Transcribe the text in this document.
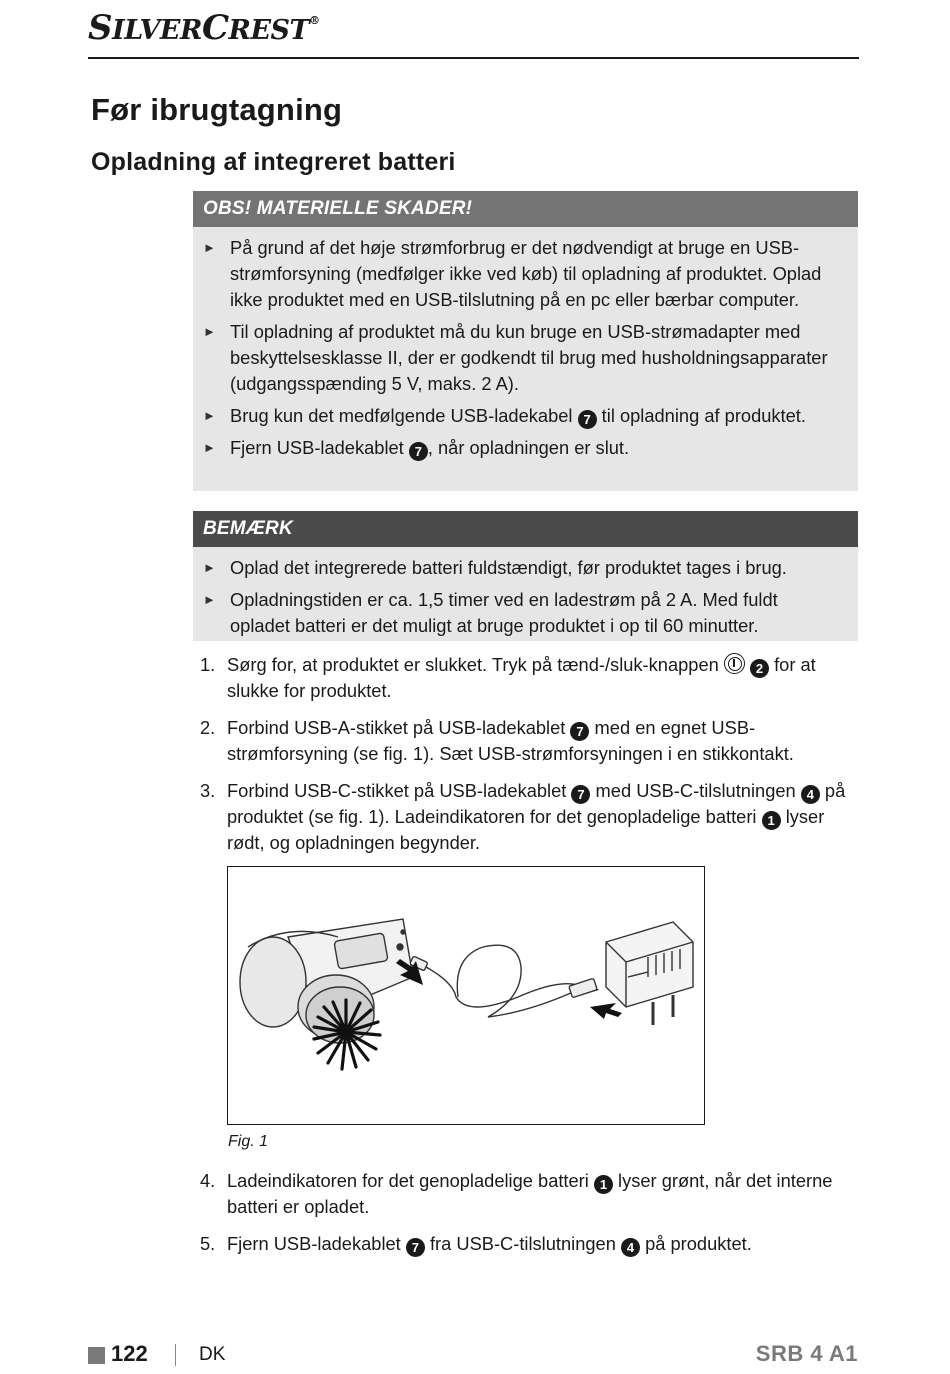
SILVERCREST®
Før ibrugtagning
Opladning af integreret batteri
OBS! MATERIELLE SKADER!
► På grund af det høje strømforbrug er det nødvendigt at bruge en USB-strømforsyning (medfølger ikke ved køb) til opladning af produktet. Oplad ikke produktet med en USB-tilslutning på en pc eller bærbar computer.
► Til opladning af produktet må du kun bruge en USB-strømadapter med beskyttelsesklasse II, der er godkendt til brug med husholdningsapparater (udgangsspænding 5 V, maks. 2 A).
► Brug kun det medfølgende USB-ladekabel 7 til opladning af produktet.
► Fjern USB-ladekablet 7 , når opladningen er slut.
BEMÆRK
► Oplad det integrerede batteri fuldstændigt, før produktet tages i brug.
► Opladningstiden er ca. 1,5 timer ved en ladestrøm på 2 A. Med fuldt opladet batteri er det muligt at bruge produktet i op til 60 minutter.
1. Sørg for, at produktet er slukket. Tryk på tænd-/sluk-knappen	2 for at slukke for produktet.
2. Forbind USB-A-stikket på USB-ladekablet 7 med en egnet USB-strømforsyning (se fig. 1). Sæt USB-strømforsyningen i en stikkontakt.
3. Forbind USB-C-stikket på USB-ladekablet 7 med USB-C-tilslutningen 4 på produktet (se fig. 1). Ladeindikatoren for det genopladelige batteri 1 lyser rødt, og opladningen begynder.
Fig. 1
4. Ladeindikatoren for det genopladelige batteri 1 lyser grønt, når det interne batteri er opladet.
5. Fjern USB-ladekablet 7 fra USB-C-tilslutningen 4 på produktet.
122	DK	SRB 4 A1
